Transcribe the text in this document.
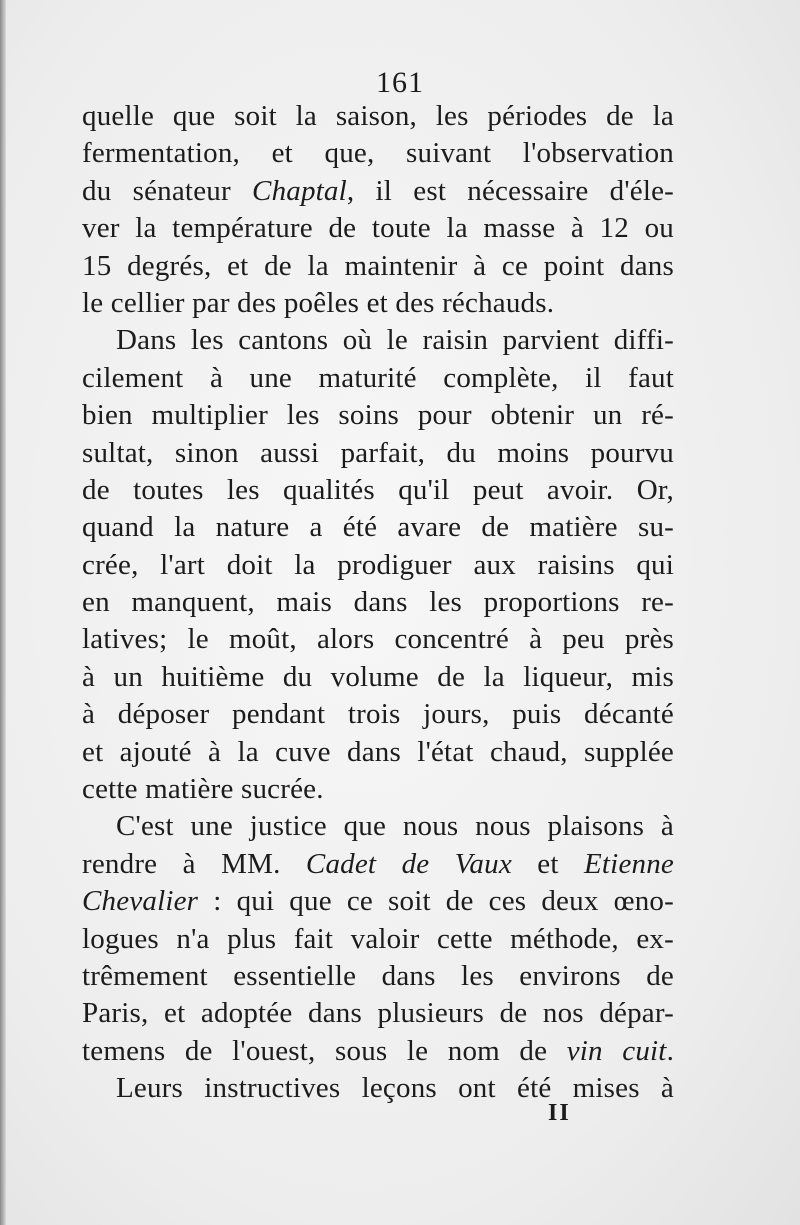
161
quelle que soit la saison, les périodes de la
fermentation, et que, suivant l'observation
du sénateur Chaptal, il est nécessaire d'éle-
ver la température de toute la masse à 12 ou
15 degrés, et de la maintenir à ce point dans
le cellier par des poêles et des réchauds.
Dans les cantons où le raisin parvient diffi-
cilement à une maturité complète, il faut
bien multiplier les soins pour obtenir un ré-
sultat, sinon aussi parfait, du moins pourvu
de toutes les qualités qu'il peut avoir. Or,
quand la nature a été avare de matière su-
crée, l'art doit la prodiguer aux raisins qui
en manquent, mais dans les proportions re-
latives; le moût, alors concentré à peu près
à un huitième du volume de la liqueur, mis
à déposer pendant trois jours, puis décanté
et ajouté à la cuve dans l'état chaud, supplée
cette matière sucrée.
C'est une justice que nous nous plaisons à
rendre à MM. Cadet de Vaux et Etienne
Chevalier : qui que ce soit de ces deux œno-
logues n'a plus fait valoir cette méthode, ex-
trêmement essentielle dans les environs de
Paris, et adoptée dans plusieurs de nos dépar-
temens de l'ouest, sous le nom de vin cuit.
Leurs instructives leçons ont été mises à
II
